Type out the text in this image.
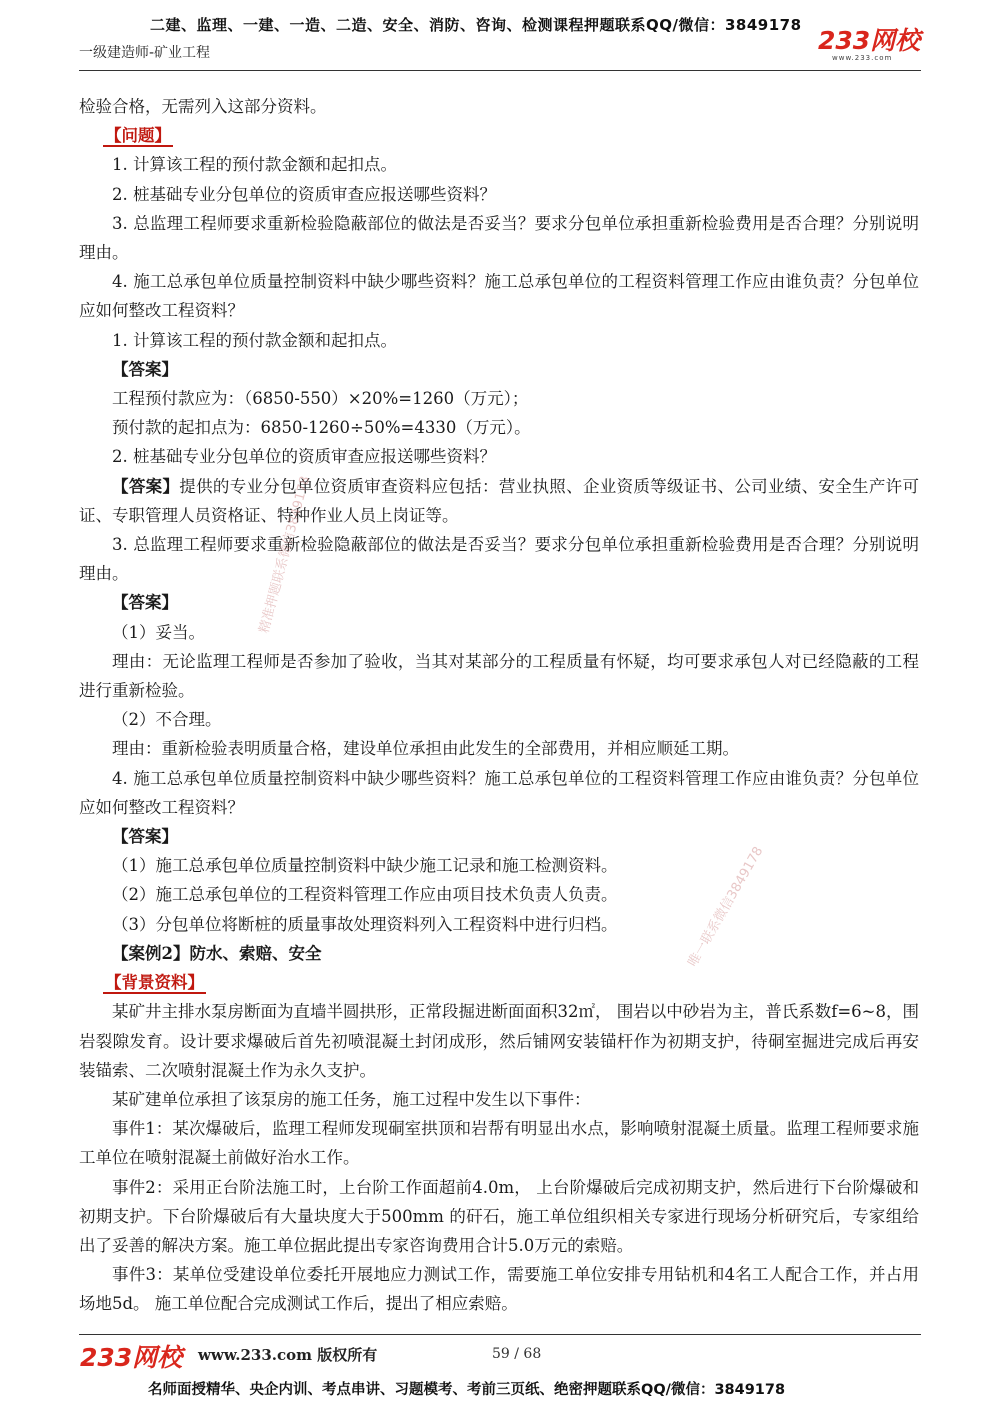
二建、监理、一建、一造、二造、安全、消防、咨询、检测课程押题联系QQ/微信：3849178
一级建造师-矿业工程	233网校
www.233.com

检验合格，无需列入这部分资料。

【问题】

1. 计算该工程的预付款金额和起扣点。

2. 桩基础专业分包单位的资质审查应报送哪些资料？

3. 总监理工程师要求重新检验隐蔽部位的做法是否妥当？要求分包单位承担重新检验费用是否合理？分别说明理由。

4. 施工总承包单位质量控制资料中缺少哪些资料？施工总承包单位的工程资料管理工作应由谁负责？分包单位应如何整改工程资料？

1. 计算该工程的预付款金额和起扣点。

【答案】

工程预付款应为：（6850-550）×20%=1260（万元）；

预付款的起扣点为：6850-1260÷50%=4330（万元）。

2. 桩基础专业分包单位的资质审查应报送哪些资料？

【答案】提供的专业分包单位资质审查资料应包括：营业执照、企业资质等级证书、公司业绩、安全生产许可证、专职管理人员资格证、特种作业人员上岗证等。

3. 总监理工程师要求重新检验隐蔽部位的做法是否妥当？要求分包单位承担重新检验费用是否合理？分别说明理由。

【答案】

（1）妥当。

理由：无论监理工程师是否参加了验收，当其对某部分的工程质量有怀疑，均可要求承包人对已经隐蔽的工程进行重新检验。

（2）不合理。

理由：重新检验表明质量合格，建设单位承担由此发生的全部费用，并相应顺延工期。

4. 施工总承包单位质量控制资料中缺少哪些资料？施工总承包单位的工程资料管理工作应由谁负责？分包单位应如何整改工程资料？

【答案】

（1）施工总承包单位质量控制资料中缺少施工记录和施工检测资料。

（2）施工总承包单位的工程资料管理工作应由项目技术负责人负责。

（3）分包单位将断桩的质量事故处理资料列入工程资料中进行归档。

【案例2】防水、索赔、安全

【背景资料】

某矿井主排水泵房断面为直墙半圆拱形，正常段掘进断面面积32㎡， 围岩以中砂岩为主，普氏系数f=6~8，围岩裂隙发育。设计要求爆破后首先初喷混凝土封闭成形，然后铺网安装锚杆作为初期支护，待硐室掘进完成后再安装锚索、二次喷射混凝土作为永久支护。

某矿建单位承担了该泵房的施工任务，施工过程中发生以下事件：

事件1：某次爆破后，监理工程师发现硐室拱顶和岩帮有明显出水点，影响喷射混凝土质量。监理工程师要求施工单位在喷射混凝土前做好治水工作。

事件2：采用正台阶法施工时，上台阶工作面超前4.0m， 上台阶爆破后完成初期支护，然后进行下台阶爆破和初期支护。下台阶爆破后有大量块度大于500mm 的矸石，施工单位组织相关专家进行现场分析研究后，专家组给出了妥善的解决方案。施工单位据此提出专家咨询费用合计5.0万元的索赔。

事件3：某单位受建设单位委托开展地应力测试工作，需要施工单位安排专用钻机和4名工人配合工作，并占用场地5d。 施工单位配合完成测试工作后，提出了相应索赔。

精准押题联系微信3849178
唯一联系微信3849178
233网校 www.233.com 版权所有	59 / 68
名师面授精华、央企内训、考点串讲、习题模考、考前三页纸、绝密押题联系QQ/微信：3849178
